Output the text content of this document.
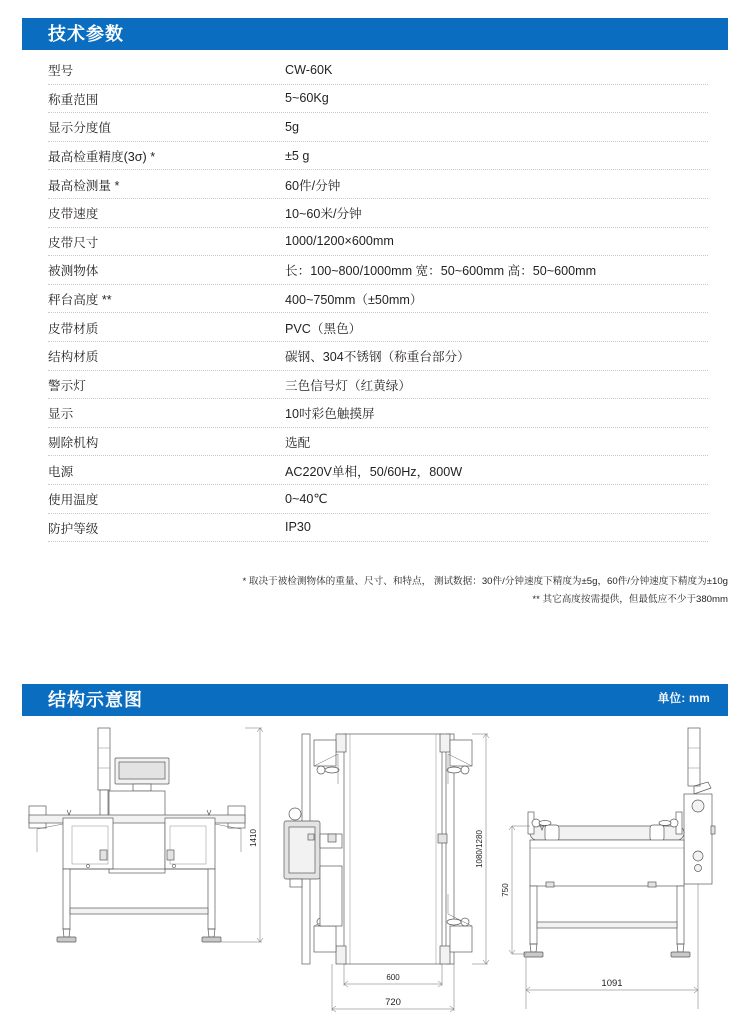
技术参数
型号	CW-60K
称重范围	5~60Kg
显示分度值	5g
最高检重精度(3σ) *	±5 g
最高检测量 *	60件/分钟
皮带速度	10~60米/分钟
皮带尺寸	1000/1200×600mm
被测物体	长：100~800/1000mm 宽：50~600mm 高：50~600mm
秤台高度 **	400~750mm（±50mm）
皮带材质	PVC（黑色）
结构材质	碳钢、304不锈钢（称重台部分）
警示灯	三色信号灯（红黄绿）
显示	10吋彩色触摸屏
剔除机构	选配
电源	AC220V单相，50/60Hz，800W
使用温度	0~40℃
防护等级	IP30
* 取决于被检测物体的重量、尺寸、和特点， 测试数据：30件/分钟速度下精度为±5g，60件/分钟速度下精度为±10g
** 其它高度按需提供，但最低应不少于380mm
结构示意图	单位: mm
1410
600
720
1080/1280
750
1091
